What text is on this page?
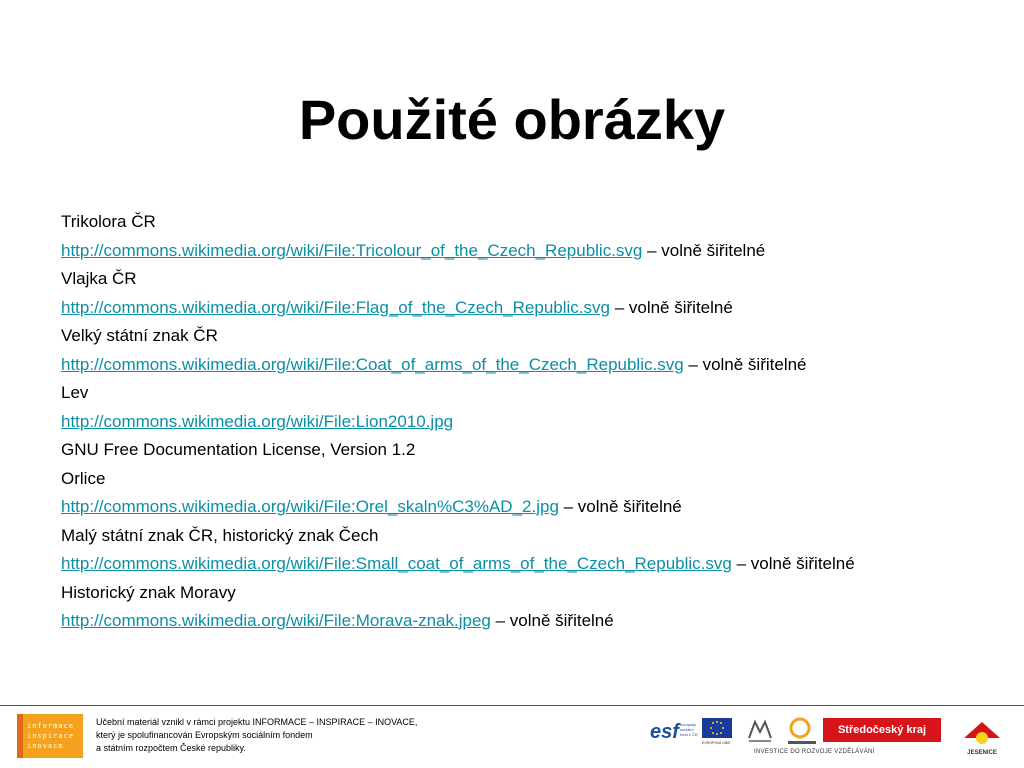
Použité obrázky
Trikolora ČR
http://commons.wikimedia.org/wiki/File:Tricolour_of_the_Czech_Republic.svg – volně šiřitelné
Vlajka ČR
http://commons.wikimedia.org/wiki/File:Flag_of_the_Czech_Republic.svg – volně šiřitelné
Velký státní znak ČR
http://commons.wikimedia.org/wiki/File:Coat_of_arms_of_the_Czech_Republic.svg – volně šiřitelné
Lev
http://commons.wikimedia.org/wiki/File:Lion2010.jpg
GNU Free Documentation License, Version 1.2
Orlice
http://commons.wikimedia.org/wiki/File:Orel_skaln%C3%AD_2.jpg – volně šiřitelné
Malý státní znak ČR, historický znak Čech
http://commons.wikimedia.org/wiki/File:Small_coat_of_arms_of_the_Czech_Republic.svg – volně šiřitelné
Historický znak Moravy
http://commons.wikimedia.org/wiki/File:Morava-znak.jpeg – volně šiřitelné
informace
inspirace
inovace
Učební materiál vznikl v rámci projektu INFORMACE – INSPIRACE – INOVACE,
který je spolufinancován Evropským sociálním fondem
a státním rozpočtem České republiky.
esf evropský
sociální
fond v ČR
EVROPSKÁ UNIE
Středočeský kraj
INVESTICE DO ROZVOJE VZDĚLÁVÁNÍ	JESENICE
